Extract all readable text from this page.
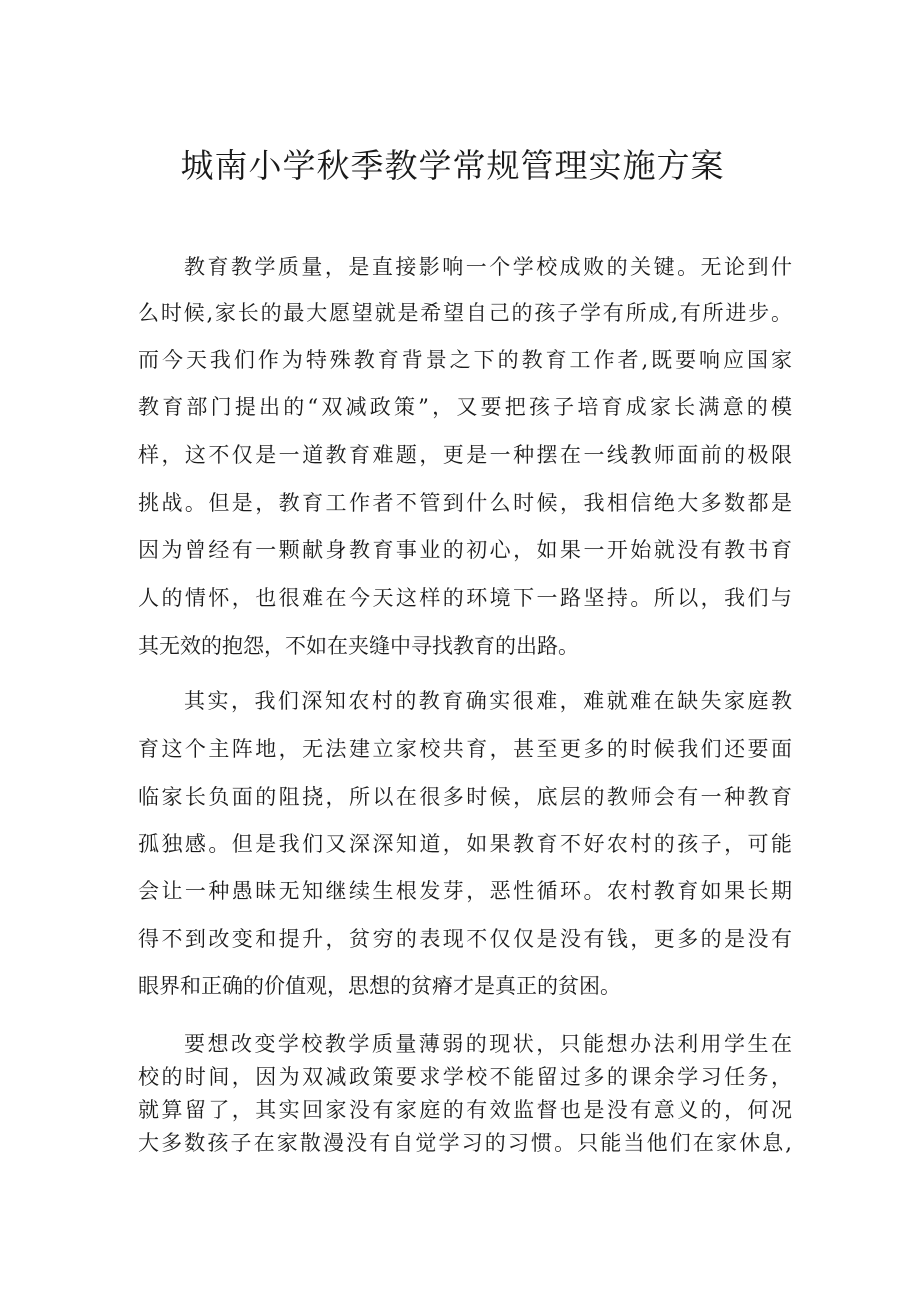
城南小学秋季教学常规管理实施方案

教育教学质量，是直接影响一个学校成败的关键。无论到什

么时候,家长的最大愿望就是希望自己的孩子学有所成,有所进步。

而今天我们作为特殊教育背景之下的教育工作者,既要响应国家

教育部门提出的“双减政策”，又要把孩子培育成家长满意的模

样，这不仅是一道教育难题，更是一种摆在一线教师面前的极限

挑战。但是，教育工作者不管到什么时候，我相信绝大多数都是

因为曾经有一颗献身教育事业的初心，如果一开始就没有教书育

人的情怀，也很难在今天这样的环境下一路坚持。所以，我们与

其无效的抱怨，不如在夹缝中寻找教育的出路。

其实，我们深知农村的教育确实很难，难就难在缺失家庭教

育这个主阵地，无法建立家校共育，甚至更多的时候我们还要面

临家长负面的阻挠，所以在很多时候，底层的教师会有一种教育

孤独感。但是我们又深深知道，如果教育不好农村的孩子，可能

会让一种愚昧无知继续生根发芽，恶性循环。农村教育如果长期

得不到改变和提升，贫穷的表现不仅仅是没有钱，更多的是没有

眼界和正确的价值观，思想的贫瘠才是真正的贫困。

要想改变学校教学质量薄弱的现状，只能想办法利用学生在

校的时间，因为双减政策要求学校不能留过多的课余学习任务，

就算留了，其实回家没有家庭的有效监督也是没有意义的，何况

大多数孩子在家散漫没有自觉学习的习惯。只能当他们在家休息,
